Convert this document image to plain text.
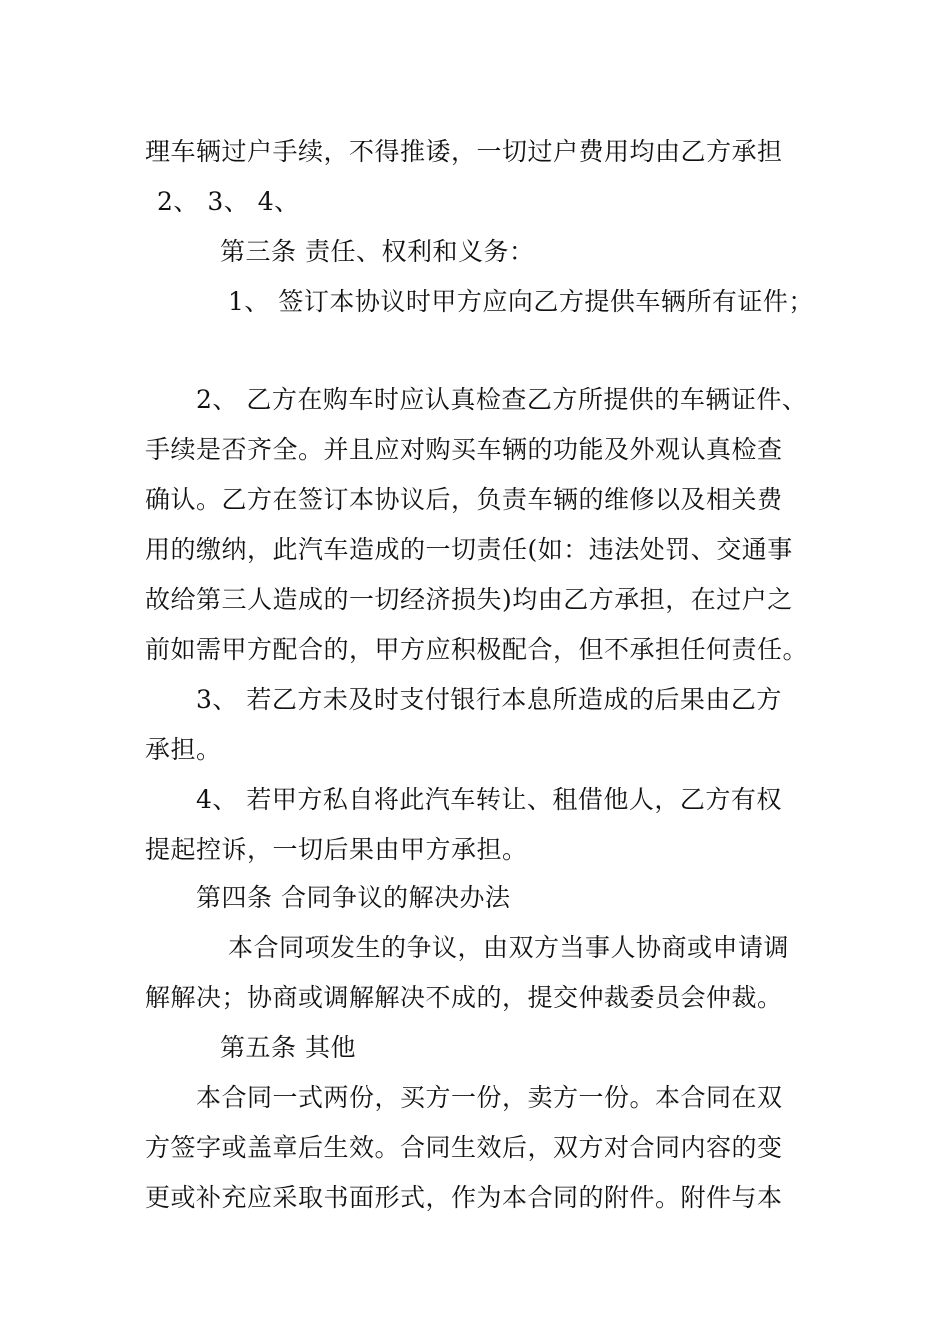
理车辆过户手续，不得推诿，一切过户费用均由乙方承担
2、 3、 4、
第三条 责任、权利和义务：
1、 签订本协议时甲方应向乙方提供车辆所有证件；
2、 乙方在购车时应认真检查乙方所提供的车辆证件、
手续是否齐全。并且应对购买车辆的功能及外观认真检查
确认。乙方在签订本协议后，负责车辆的维修以及相关费
用的缴纳，此汽车造成的一切责任(如：违法处罚、交通事
故给第三人造成的一切经济损失)均由乙方承担，在过户之
前如需甲方配合的，甲方应积极配合，但不承担任何责任。
3、 若乙方未及时支付银行本息所造成的后果由乙方
承担。
4、 若甲方私自将此汽车转让、租借他人，乙方有权
提起控诉，一切后果由甲方承担。
第四条 合同争议的解决办法
本合同项发生的争议，由双方当事人协商或申请调
解解决；协商或调解解决不成的，提交仲裁委员会仲裁。
第五条 其他
本合同一式两份，买方一份，卖方一份。本合同在双
方签字或盖章后生效。合同生效后，双方对合同内容的变
更或补充应采取书面形式，作为本合同的附件。附件与本
